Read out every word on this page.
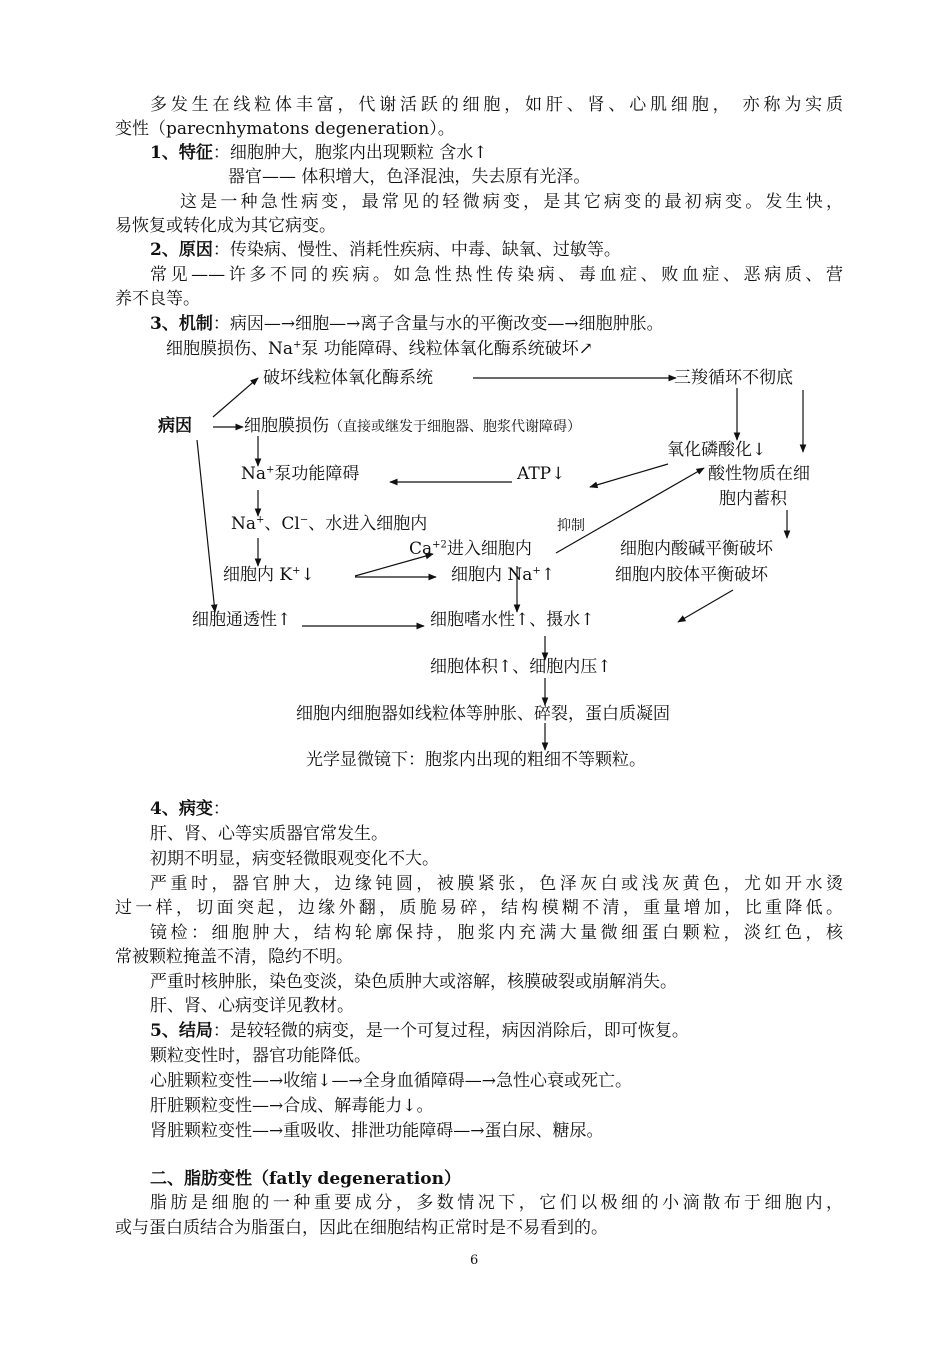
多发生在线粒体丰富，代谢活跃的细胞，如肝、肾、心肌细胞， 亦称为实质
变性（parecnhymatons degeneration）。
1、特征：细胞肿大，胞浆内出现颗粒 含水↑
器官—— 体积增大，色泽混浊，失去原有光泽。
这是一种急性病变，最常见的轻微病变，是其它病变的最初病变。发生快，
易恢复或转化成为其它病变。
2、原因：传染病、慢性、消耗性疾病、中毒、缺氧、过敏等。
常见——许多不同的疾病。如急性热性传染病、毒血症、败血症、恶病质、营
养不良等。
3、机制：病因—→细胞—→离子含量与水的平衡改变—→细胞肿胀。
细胞膜损伤、Na+泵 功能障碍、线粒体氧化酶系统破坏↗
病因
破坏线粒体氧化酶系统	三羧循环不彻底
细胞膜损伤（直接或继发于细胞器、胞浆代谢障碍）
氧化磷酸化↓
Na+泵功能障碍	ATP↓	酸性物质在细
胞内蓄积
Na+、Cl−、水进入细胞内	抑制
$Ca^{+2}$进入细胞内	细胞内酸碱平衡破坏
细胞内 K+↓	细胞内 Na+↑	细胞内胶体平衡破坏
细胞通透性↑	细胞嗜水性↑、摄水↑
细胞体积↑、细胞内压↑
细胞内细胞器如线粒体等肿胀、碎裂，蛋白质凝固
光学显微镜下：胞浆内出现的粗细不等颗粒。
4、病变：
肝、肾、心等实质器官常发生。
初期不明显，病变轻微眼观变化不大。
严重时，器官肿大，边缘钝圆，被膜紧张，色泽灰白或浅灰黄色，尤如开水烫
过一样，切面突起，边缘外翻，质脆易碎，结构模糊不清，重量增加，比重降低。
镜检：细胞肿大，结构轮廓保持，胞浆内充满大量微细蛋白颗粒，淡红色，核
常被颗粒掩盖不清，隐约不明。
严重时核肿胀，染色变淡，染色质肿大或溶解，核膜破裂或崩解消失。
肝、肾、心病变详见教材。
5、结局：是较轻微的病变，是一个可复过程，病因消除后，即可恢复。
颗粒变性时，器官功能降低。
心脏颗粒变性—→收缩↓—→全身血循障碍—→急性心衰或死亡。
肝脏颗粒变性—→合成、解毒能力↓。
肾脏颗粒变性—→重吸收、排泄功能障碍—→蛋白尿、糖尿。
二、脂肪变性（fatly degeneration）
脂肪是细胞的一种重要成分，多数情况下，它们以极细的小滴散布于细胞内，
或与蛋白质结合为脂蛋白，因此在细胞结构正常时是不易看到的。
6
